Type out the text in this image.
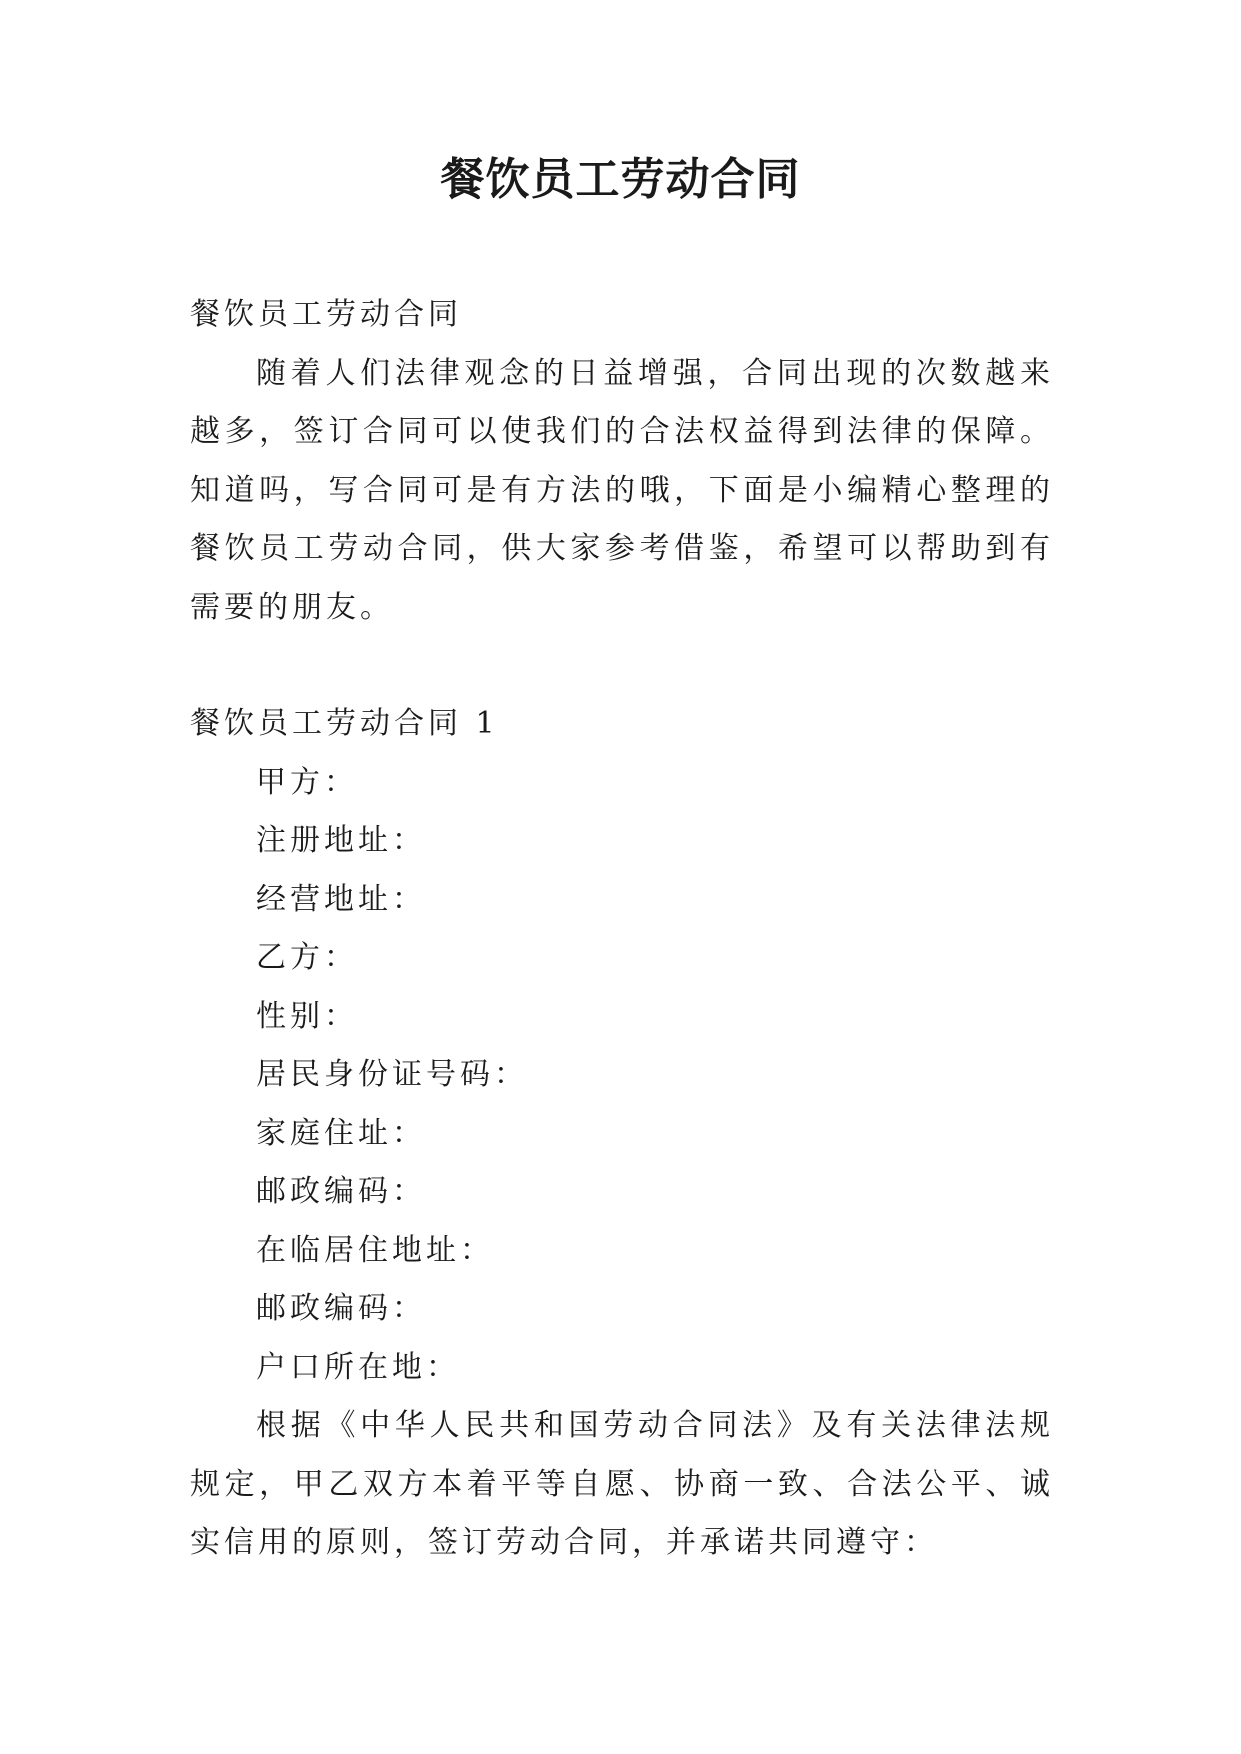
餐饮员工劳动合同

餐饮员工劳动合同

随着人们法律观念的日益增强，合同出现的次数越来越多，签订合同可以使我们的合法权益得到法律的保障。知道吗，写合同可是有方法的哦，下面是小编精心整理的餐饮员工劳动合同，供大家参考借鉴，希望可以帮助到有需要的朋友。

餐饮员工劳动合同 1

甲方：

注册地址：

经营地址：

乙方：

性别：

居民身份证号码：

家庭住址：

邮政编码：

在临居住地址：

邮政编码：

户口所在地：

根据《中华人民共和国劳动合同法》及有关法律法规规定，甲乙双方本着平等自愿、协商一致、合法公平、诚实信用的原则，签订劳动合同，并承诺共同遵守：
